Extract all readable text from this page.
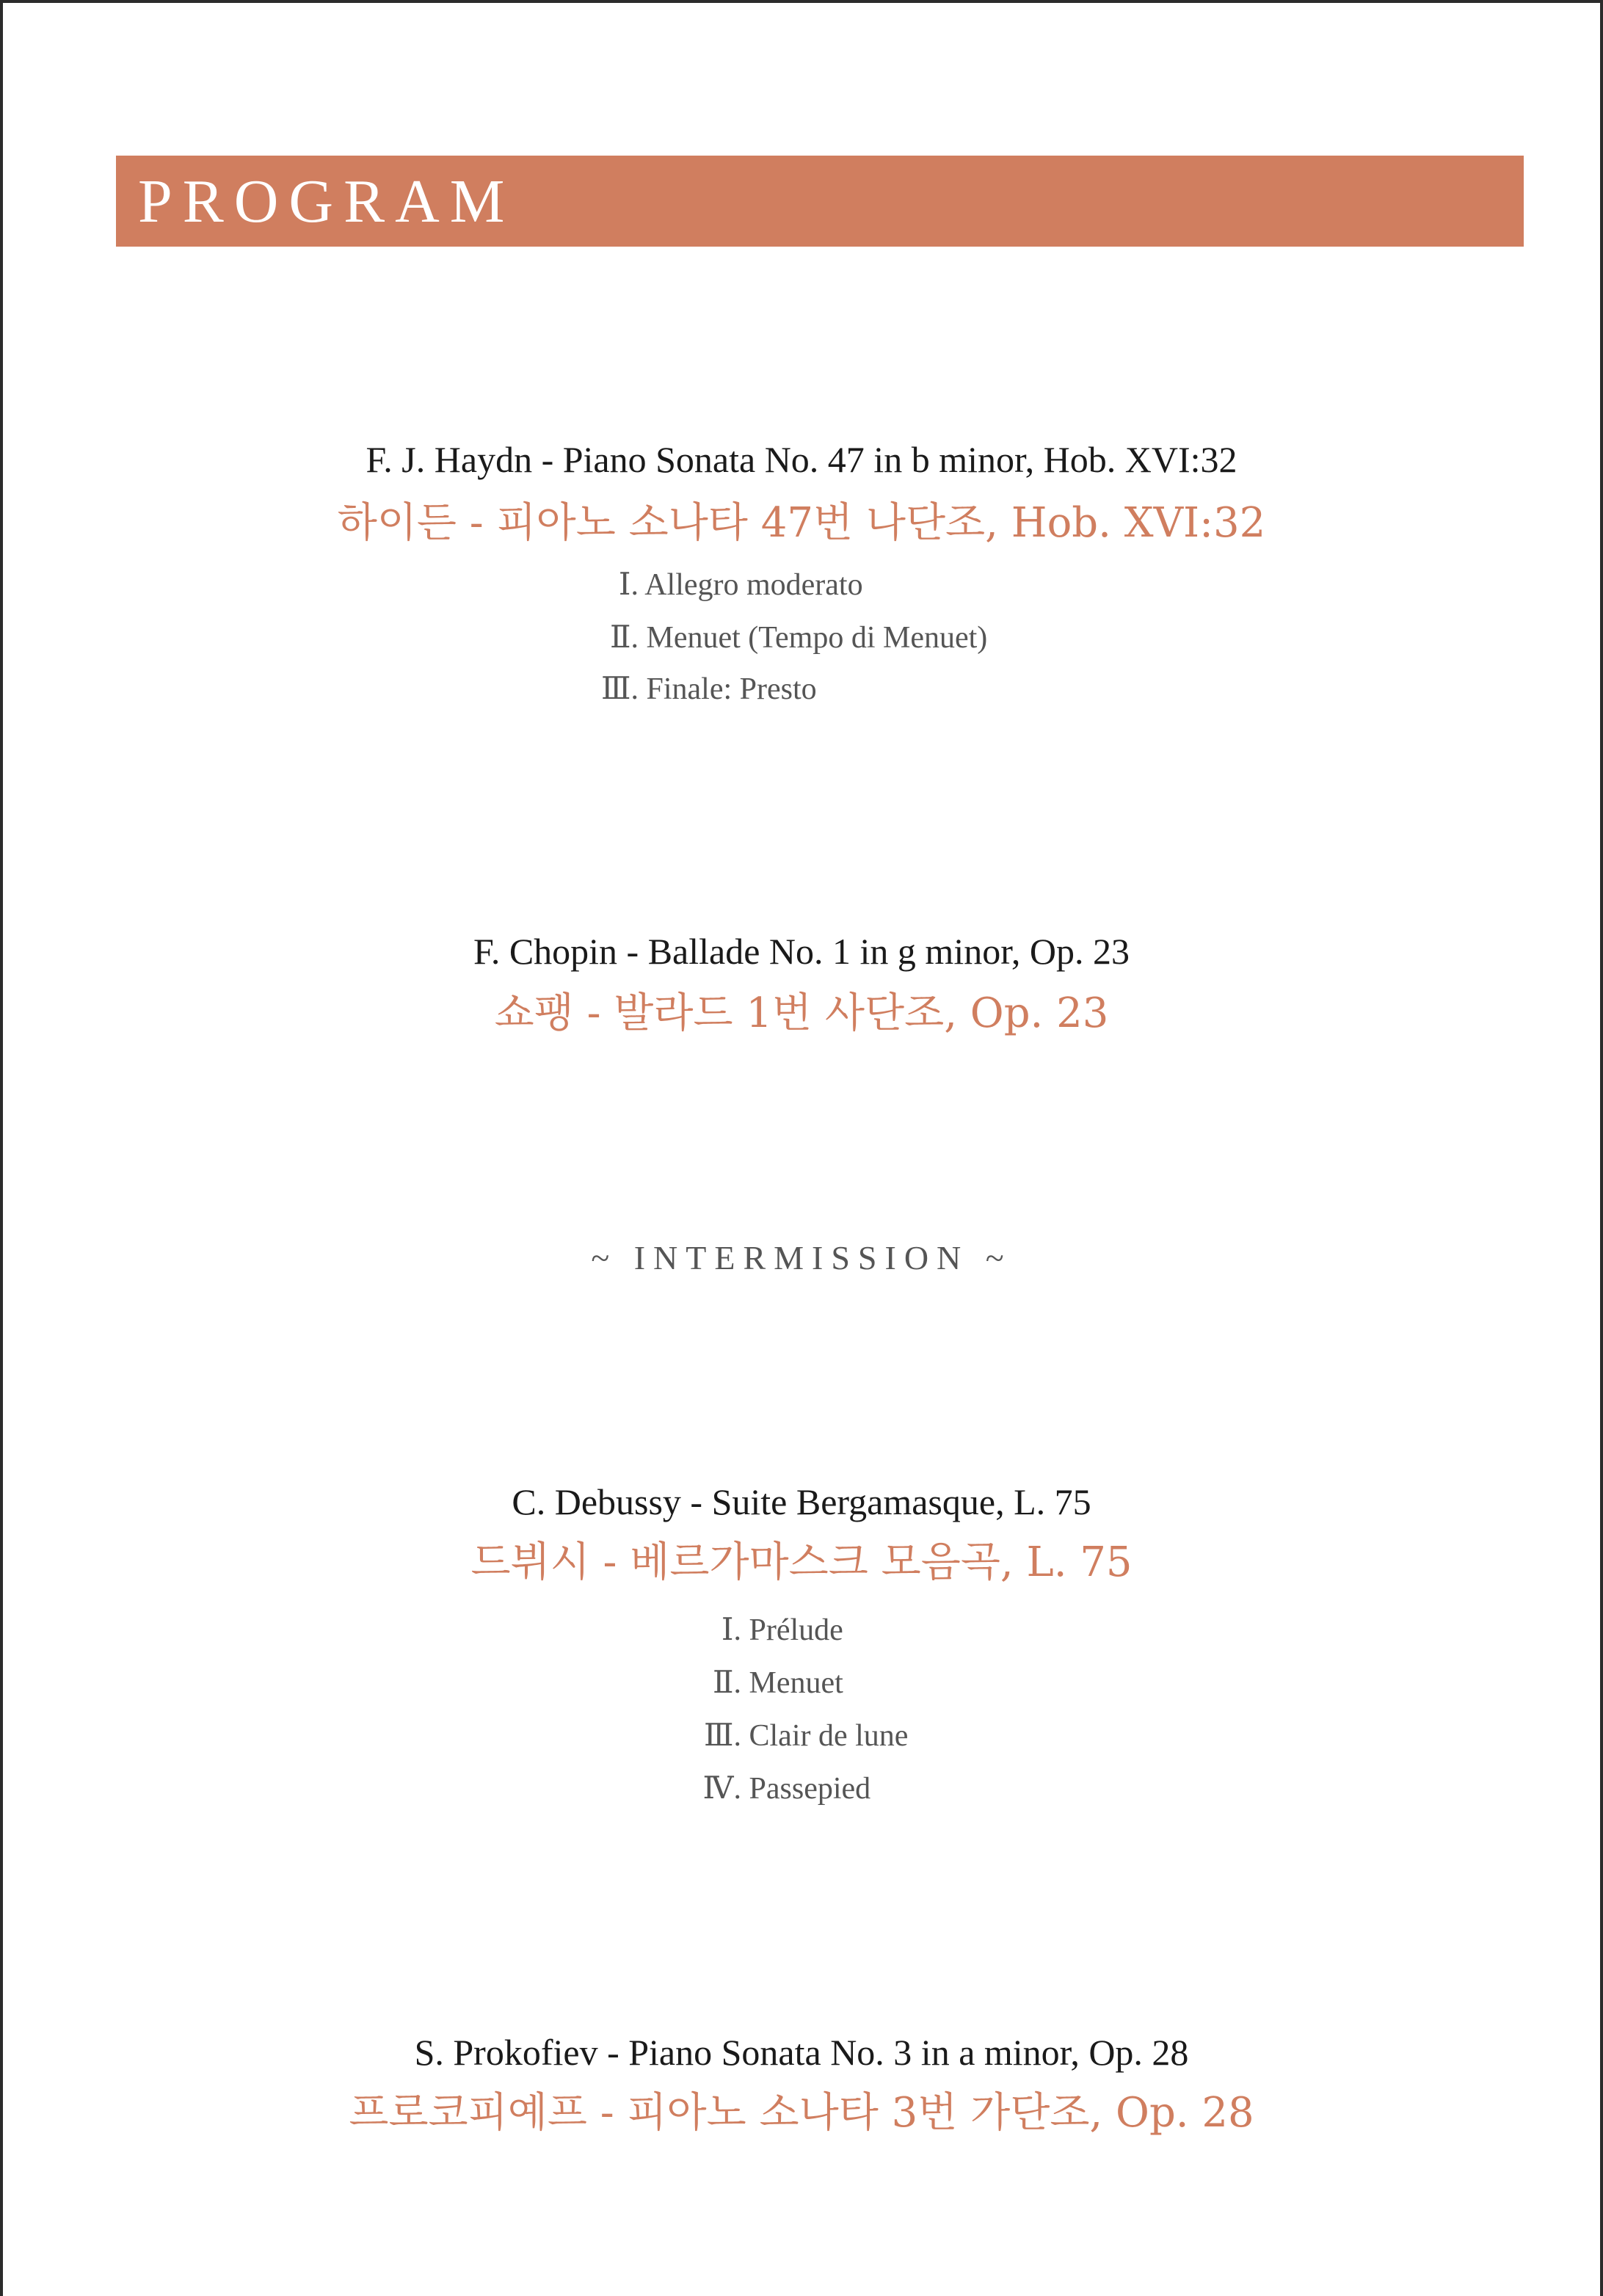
PROGRAM
F. J. Haydn - Piano Sonata No. 47 in b minor, Hob. XVI:32
하이든 - 피아노 소나타 47번 나단조, Hob. XVI:32
Ⅰ. Allegro moderato
Ⅱ. Menuet (Tempo di Menuet)
Ⅲ. Finale: Presto
F. Chopin - Ballade No. 1 in g minor, Op. 23
쇼팽 - 발라드 1번 사단조, Op. 23
~ INTERMISSION ~
C. Debussy - Suite Bergamasque, L. 75
드뷔시 - 베르가마스크 모음곡, L. 75
Ⅰ. Prélude
Ⅱ. Menuet
Ⅲ. Clair de lune
Ⅳ. Passepied
S. Prokofiev - Piano Sonata No. 3 in a minor, Op. 28
프로코피예프 - 피아노 소나타 3번 가단조, Op. 28
